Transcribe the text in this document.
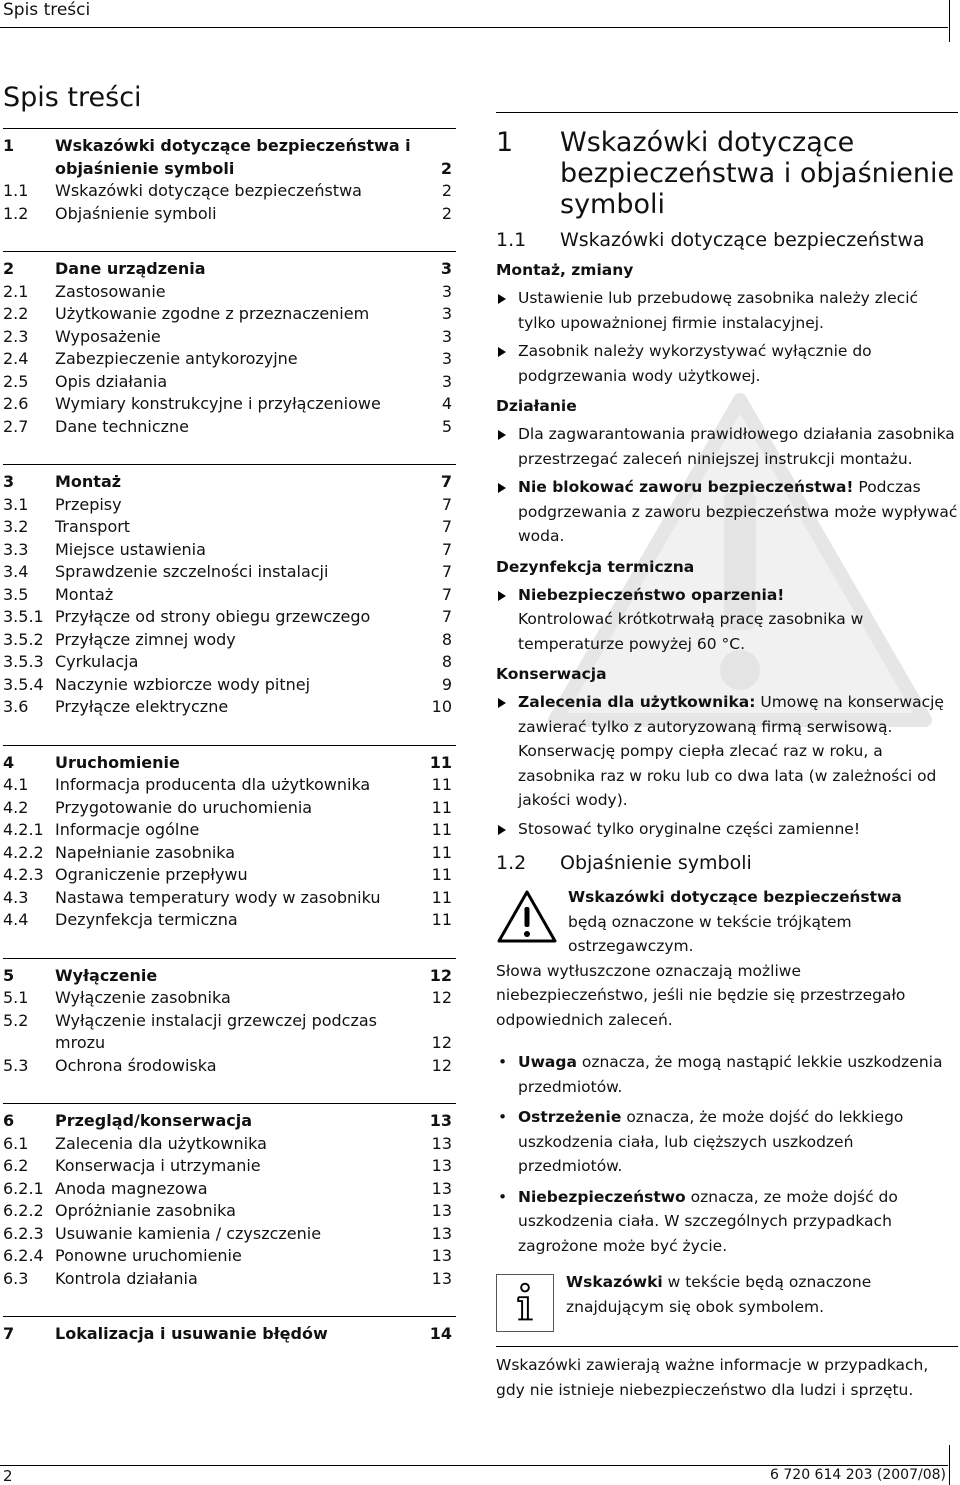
Spis treści
Spis treści
1	Wskazówki dotyczące bezpieczeństwa i objaśnienie symboli	2
1.1	Wskazówki dotyczące bezpieczeństwa	2
1.2	Objaśnienie symboli	2
2	Dane urządzenia	3
2.1	Zastosowanie	3
2.2	Użytkowanie zgodne z przeznaczeniem	3
2.3	Wyposażenie	3
2.4	Zabezpieczenie antykorozyjne	3
2.5	Opis działania	3
2.6	Wymiary konstrukcyjne i przyłączeniowe	4
2.7	Dane techniczne	5
3	Montaż	7
3.1	Przepisy	7
3.2	Transport	7
3.3	Miejsce ustawienia	7
3.4	Sprawdzenie szczelności instalacji	7
3.5	Montaż	7
3.5.1 Przyłącze od strony obiegu grzewczego	7
3.5.2 Przyłącze zimnej wody	8
3.5.3 Cyrkulacja	8
3.5.4 Naczynie wzbiorcze wody pitnej	9
3.6	Przyłącze elektryczne	10
4	Uruchomienie	11
4.1	Informacja producenta dla użytkownika	11
4.2	Przygotowanie do uruchomienia	11
4.2.1 Informacje ogólne	11
4.2.2 Napełnianie zasobnika	11
4.2.3 Ograniczenie przepływu	11
4.3	Nastawa temperatury wody w zasobniku	11
4.4	Dezynfekcja termiczna	11
5	Wyłączenie	12
5.1	Wyłączenie zasobnika	12
5.2	Wyłączenie instalacji grzewczej podczas mrozu	12
5.3	Ochrona środowiska	12
6	Przegląd/konserwacja	13
6.1	Zalecenia dla użytkownika	13
6.2	Konserwacja i utrzymanie	13
6.2.1 Anoda magnezowa	13
6.2.2 Opróżnianie zasobnika	13
6.2.3 Usuwanie kamienia / czyszczenie	13
6.2.4 Ponowne uruchomienie	13
6.3	Kontrola działania	13
7	Lokalizacja i usuwanie błędów	14
1 Wskazówki dotyczące bezpieczeństwa i objaśnienie symboli
1.1 Wskazówki dotyczące bezpieczeństwa
Montaż, zmiany
Ustawienie lub przebudowę zasobnika należy zlecić tylko upoważnionej firmie instalacyjnej.
Zasobnik należy wykorzystywać wyłącznie do podgrzewania wody użytkowej.
Działanie
Dla zagwarantowania prawidłowego działania zasobnika przestrzegać zaleceń niniejszej instrukcji montażu.
Nie blokować zaworu bezpieczeństwa! Podczas podgrzewania z zaworu bezpieczeństwa może wypływać woda.
Dezynfekcja termiczna
Niebezpieczeństwo oparzenia!
Kontrolować krótkotrwałą pracę zasobnika w temperaturze powyżej 60 °C.
Konserwacja
Zalecenia dla użytkownika: Umowę na konserwację zawierać tylko z autoryzowaną firmą serwisową. Konserwację pompy ciepła zlecać raz w roku, a zasobnika raz w roku lub co dwa lata (w zależności od jakości wody).
Stosować tylko oryginalne części zamienne!
1.2 Objaśnienie symboli
Wskazówki dotyczące bezpieczeństwa
będą oznaczone w tekście trójkątem ostrzegawczym.
Słowa wytłuszczone oznaczają możliwe niebezpieczeństwo, jeśli nie będzie się przestrzegało odpowiednich zaleceń.
• Uwaga oznacza, że mogą nastąpić lekkie uszkodzenia przedmiotów.
• Ostrzeżenie oznacza, że może dojść do lekkiego uszkodzenia ciała, lub cięższych uszkodzeń przedmiotów.
• Niebezpieczeństwo oznacza, ze może dojść do uszkodzenia ciała. W szczególnych przypadkach zagrożone może być życie.
Wskazówki w tekście będą oznaczone znajdującym się obok symbolem.
Wskazówki zawierają ważne informacje w przypadkach, gdy nie istnieje niebezpieczeństwo dla ludzi i sprzętu.
2	6 720 614 203 (2007/08)
